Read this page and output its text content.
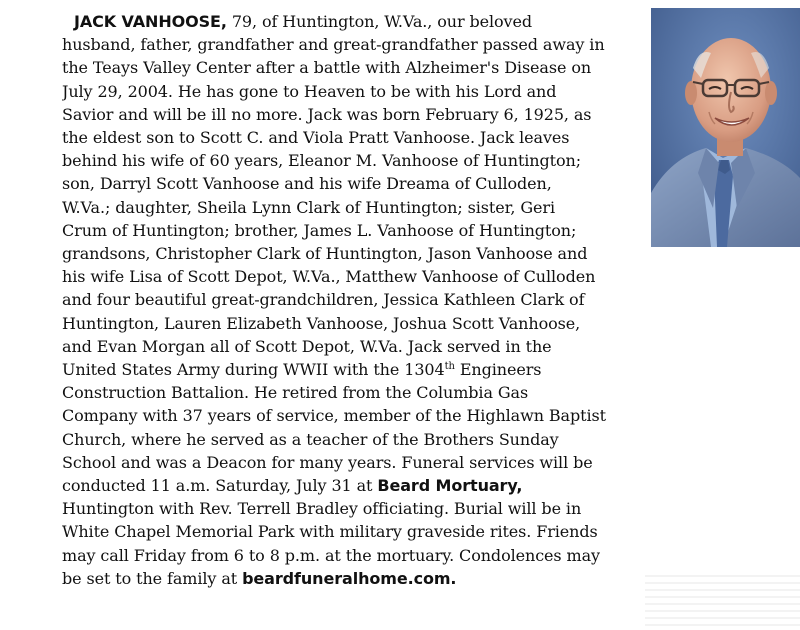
JACK VANHOOSE, 79, of Huntington, W.Va., our beloved
husband, father, grandfather and great-grandfather passed away in
the Teays Valley Center after a battle with Alzheimer's Disease on
July 29, 2004. He has gone to Heaven to be with his Lord and
Savior and will be ill no more. Jack was born February 6, 1925, as
the eldest son to Scott C. and Viola Pratt Vanhoose. Jack leaves
behind his wife of 60 years, Eleanor M. Vanhoose of Huntington;
son, Darryl Scott Vanhoose and his wife Dreama of Culloden,
W.Va.; daughter, Sheila Lynn Clark of Huntington; sister, Geri
Crum of Huntington; brother, James L. Vanhoose of Huntington;
grandsons, Christopher Clark of Huntington, Jason Vanhoose and
his wife Lisa of Scott Depot, W.Va., Matthew Vanhoose of Culloden
and four beautiful great-grandchildren, Jessica Kathleen Clark of
Huntington, Lauren Elizabeth Vanhoose, Joshua Scott Vanhoose,
and Evan Morgan all of Scott Depot, W.Va. Jack served in the
United States Army during WWII with the 1304th Engineers
Construction Battalion. He retired from the Columbia Gas
Company with 37 years of service, member of the Highlawn Baptist
Church, where he served as a teacher of the Brothers Sunday
School and was a Deacon for many years. Funeral services will be
conducted 11 a.m. Saturday, July 31 at Beard Mortuary,
Huntington with Rev. Terrell Bradley officiating. Burial will be in
White Chapel Memorial Park with military graveside rites. Friends
may call Friday from 6 to 8 p.m. at the mortuary. Condolences may
be set to the family at beardfuneralhome.com.
